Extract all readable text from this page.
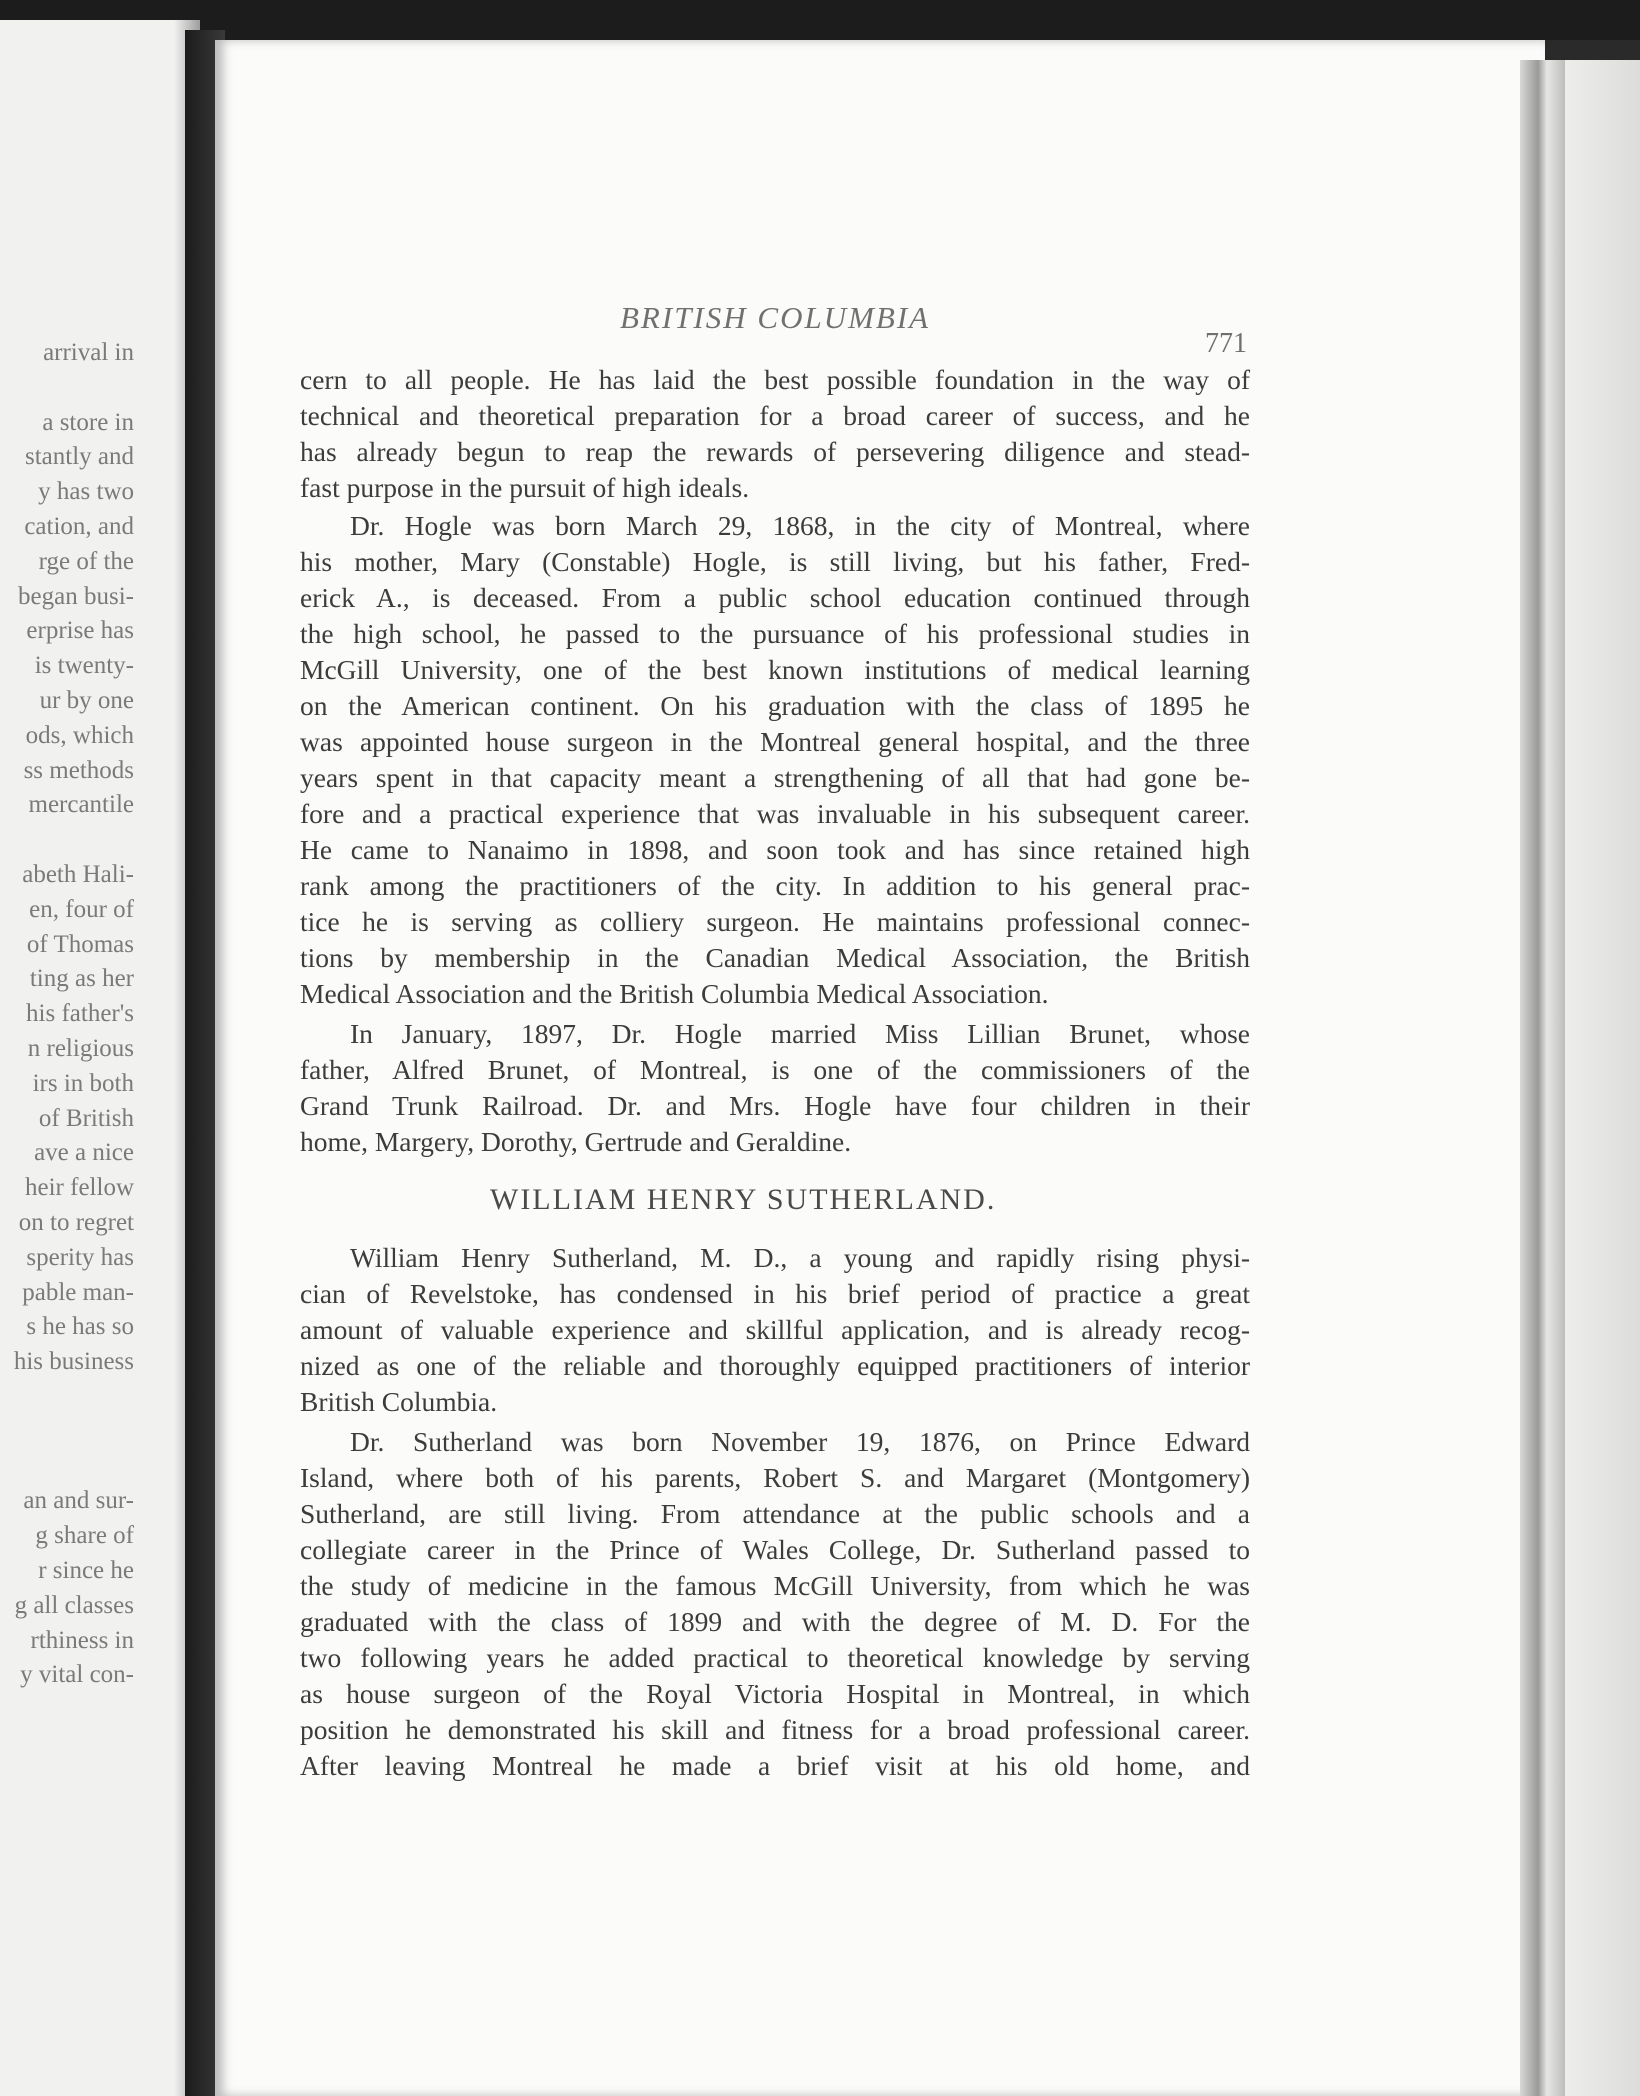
arrival in
a store in
stantly and
y has two
cation, and
rge of the
began busi-
erprise has
is twenty-
ur by one
ods, which
ss methods
mercantile
abeth Hali-
en, four of
of Thomas
ting as her
his father's
n religious
irs in both
of British
ave a nice
heir fellow
on to regret
sperity has
pable man-
s he has so
his business
an and sur-
g share of
r since he
g all classes
rthiness in
y vital con-
BRITISH COLUMBIA
771
cern to all people. He has laid the best possible foundation in the way of
technical and theoretical preparation for a broad career of success, and he
has already begun to reap the rewards of persevering diligence and stead-
fast purpose in the pursuit of high ideals.
Dr. Hogle was born March 29, 1868, in the city of Montreal, where
his mother, Mary (Constable) Hogle, is still living, but his father, Fred-
erick A., is deceased. From a public school education continued through
the high school, he passed to the pursuance of his professional studies in
McGill University, one of the best known institutions of medical learning
on the American continent. On his graduation with the class of 1895 he
was appointed house surgeon in the Montreal general hospital, and the three
years spent in that capacity meant a strengthening of all that had gone be-
fore and a practical experience that was invaluable in his subsequent career.
He came to Nanaimo in 1898, and soon took and has since retained high
rank among the practitioners of the city. In addition to his general prac-
tice he is serving as colliery surgeon. He maintains professional connec-
tions by membership in the Canadian Medical Association, the British
Medical Association and the British Columbia Medical Association.
In January, 1897, Dr. Hogle married Miss Lillian Brunet, whose
father, Alfred Brunet, of Montreal, is one of the commissioners of the
Grand Trunk Railroad. Dr. and Mrs. Hogle have four children in their
home, Margery, Dorothy, Gertrude and Geraldine.
WILLIAM HENRY SUTHERLAND.
William Henry Sutherland, M. D., a young and rapidly rising physi-
cian of Revelstoke, has condensed in his brief period of practice a great
amount of valuable experience and skillful application, and is already recog-
nized as one of the reliable and thoroughly equipped practitioners of interior
British Columbia.
Dr. Sutherland was born November 19, 1876, on Prince Edward
Island, where both of his parents, Robert S. and Margaret (Montgomery)
Sutherland, are still living. From attendance at the public schools and a
collegiate career in the Prince of Wales College, Dr. Sutherland passed to
the study of medicine in the famous McGill University, from which he was
graduated with the class of 1899 and with the degree of M. D. For the
two following years he added practical to theoretical knowledge by serving
as house surgeon of the Royal Victoria Hospital in Montreal, in which
position he demonstrated his skill and fitness for a broad professional career.
After leaving Montreal he made a brief visit at his old home, and
